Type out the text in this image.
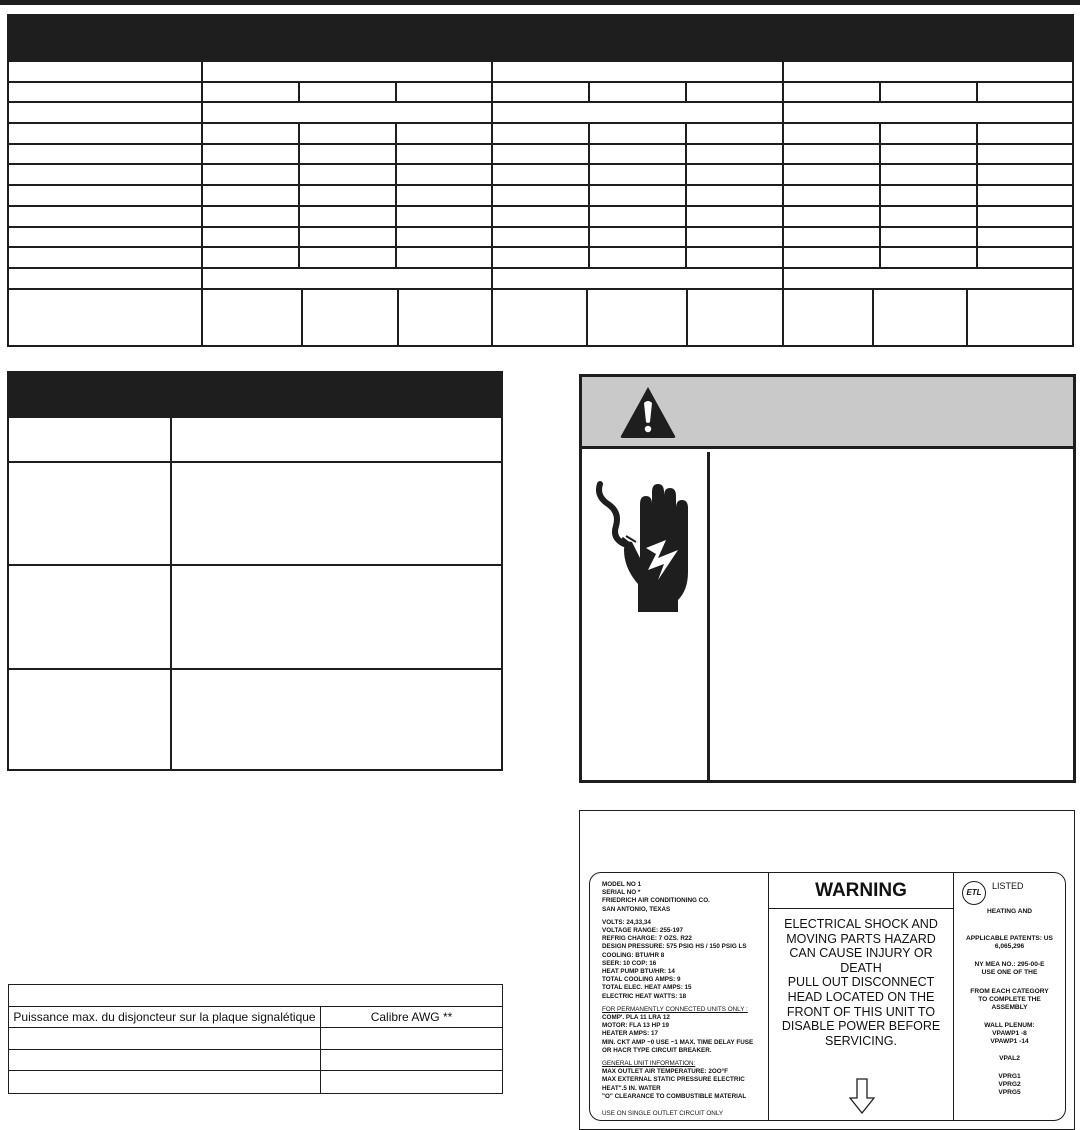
Puissance max. du disjoncteur sur la plaque signalétique	Calibre AWG **
MODEL NO 1
SERIAL NO *
FRIEDRICH AIR CONDITIONING CO.
SAN ANTONIO, TEXAS
VOLTS: 24,33,34
VOLTAGE RANGE: 255-197
REFRIG CHARGE: 7 OZS. R22
DESIGN PRESSURE: 575 PSIG HS / 150 PSIG LS
COOLING: BTU/HR 8
SEER: 10 COP: 16
HEAT PUMP BTU/HR: 14
TOTAL COOLING AMPS: 9
TOTAL ELEC. HEAT AMPS: 15
ELECTRIC HEAT WATTS: 18
FOR PERMANENTLY CONNECTED UNITS ONLY :
COMP'. PLA 11 LRA 12
MOTOR: FLA 13 HP 19
HEATER AMPS: 17
MIN. CKT AMP ~0 USE ~1 MAX. TIME DELAY FUSE
OR HACR TYPE CIRCUIT BREAKER.
GENERAL UNIT INFORMATION:
MAX OUTLET AIR TEMPERATURE: 2OO°F
MAX EXTERNAL STATIC PRESSURE ELECTRIC
HEAT".5 IN. WATER
"O" CLEARANCE TO COMBUSTIBLE MATERIAL
USE ON SINGLE OUTLET CIRCUIT ONLY
WARNING
ELECTRICAL SHOCK AND
MOVING PARTS HAZARD
CAN CAUSE INJURY OR
DEATH
PULL OUT DISCONNECT
HEAD LOCATED ON THE
FRONT OF THIS UNIT TO
DISABLE POWER BEFORE
SERVICING.
ETL
LISTED
HEATING AND
APPLICABLE PATENTS: US
6,065,296
NY MEA NO.: 295-00-E
USE ONE OF THE
FROM EACH CATEGORY
TO COMPLETE THE
ASSEMBLY
WALL PLENUM:
VPAWP1 -8
VPAWP1 -14
VPAL2
VPRG1
VPRG2
VPRG5
